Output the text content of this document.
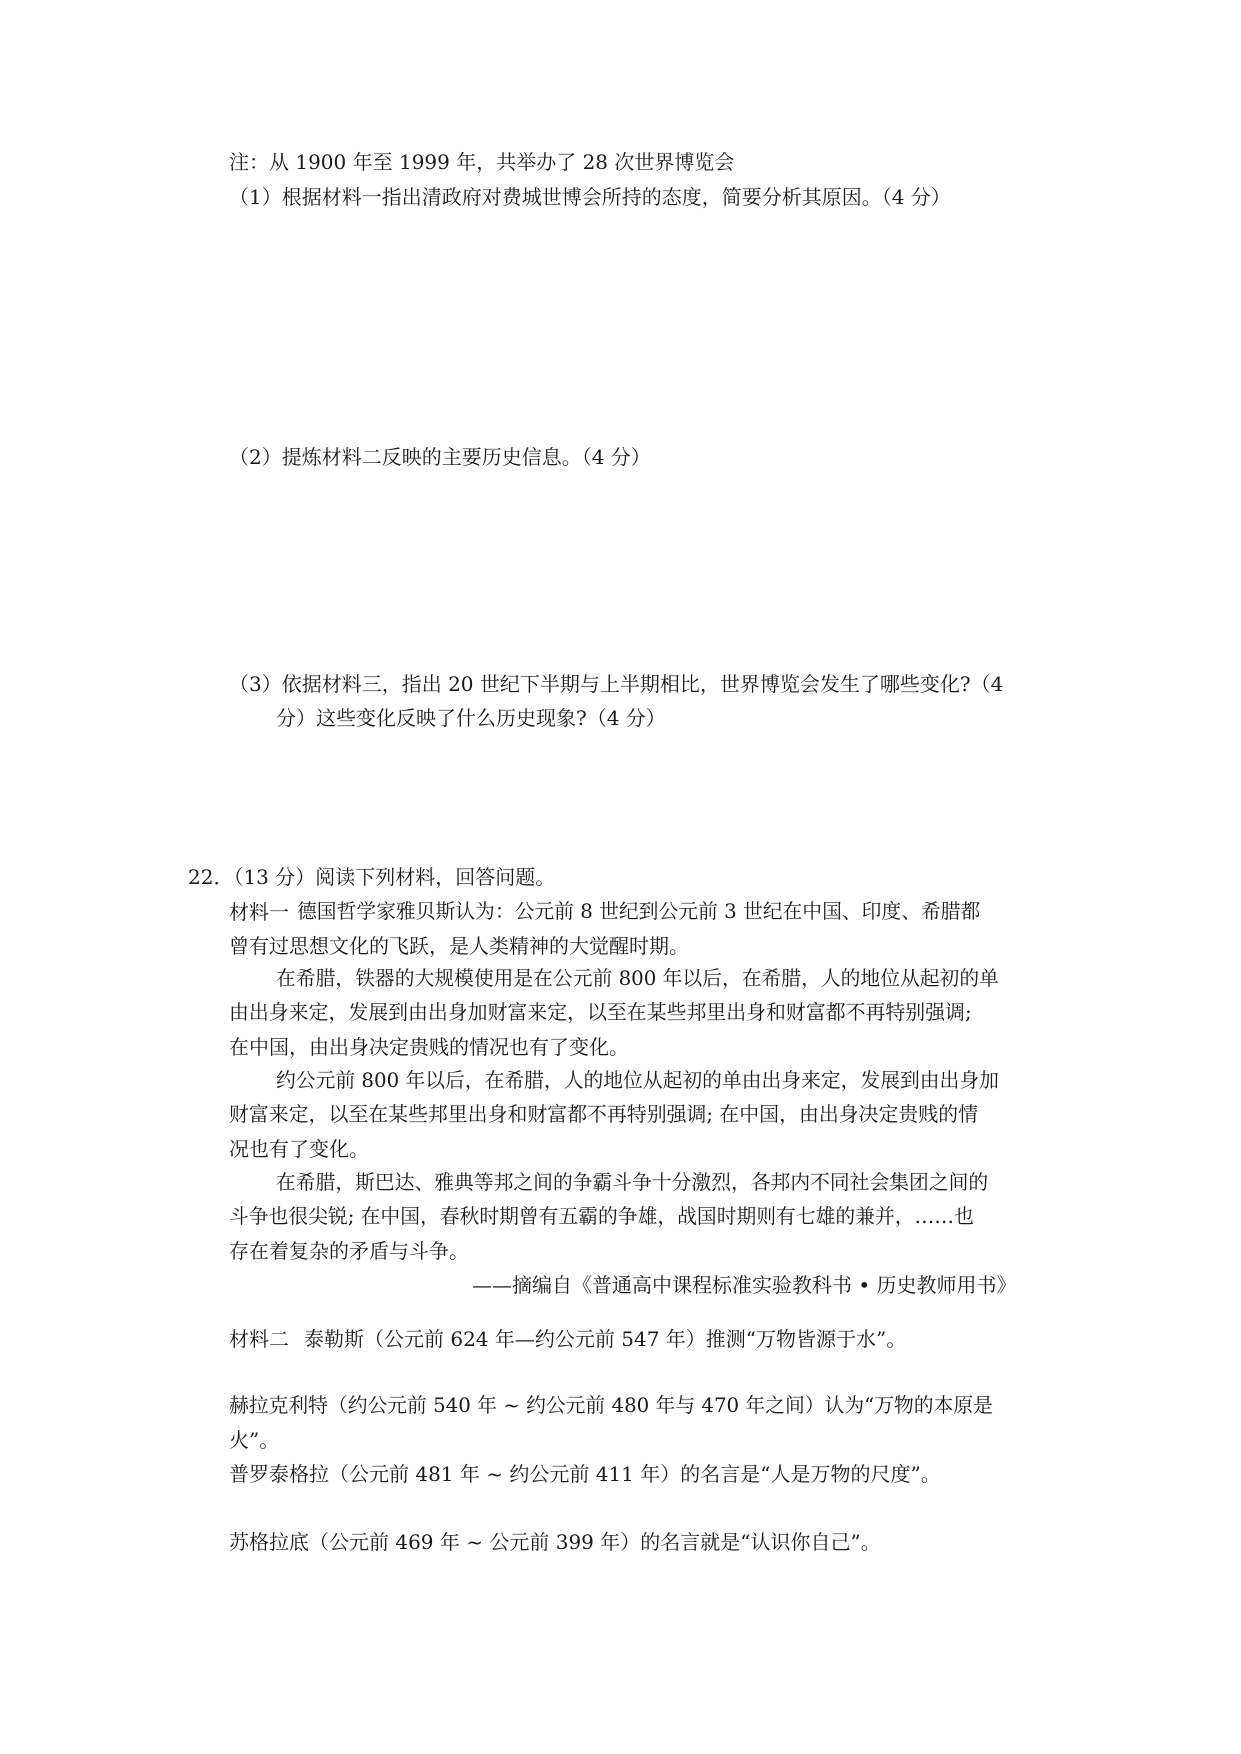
注：从 1900 年至 1999 年，共举办了 28 次世界博览会
（1）根据材料一指出清政府对费城世博会所持的态度，简要分析其原因。（4 分）
（2）提炼材料二反映的主要历史信息。（4 分）
（3）依据材料三，指出 20 世纪下半期与上半期相比，世界博览会发生了哪些变化?（4
分）这些变化反映了什么历史现象?（4 分）
22．（13 分）阅读下列材料，回答问题。
材料一 德国哲学家雅贝斯认为：公元前 8 世纪到公元前 3 世纪在中国、印度、希腊都
曾有过思想文化的飞跃，是人类精神的大觉醒时期。
在希腊，铁器的大规模使用是在公元前 800 年以后，在希腊，人的地位从起初的单
由出身来定，发展到由出身加财富来定，以至在某些邦里出身和财富都不再特别强调;
在中国，由出身决定贵贱的情况也有了变化。
约公元前 800 年以后，在希腊，人的地位从起初的单由出身来定，发展到由出身加
财富来定，以至在某些邦里出身和财富都不再特别强调; 在中国，由出身决定贵贱的情
况也有了变化。
在希腊，斯巴达、雅典等邦之间的争霸斗争十分激烈，各邦内不同社会集团之间的
斗争也很尖锐; 在中国，春秋时期曾有五霸的争雄，战国时期则有七雄的兼并，……也
存在着复杂的矛盾与斗争。
——摘编自《普通高中课程标准实验教科书 • 历史教师用书》
材料二 泰勒斯（公元前 624 年—约公元前 547 年）推测“万物皆源于水”。
赫拉克利特（约公元前 540 年 ~ 约公元前 480 年与 470 年之间）认为“万物的本原是
火”。
普罗泰格拉（公元前 481 年 ~ 约公元前 411 年）的名言是“人是万物的尺度”。
苏格拉底（公元前 469 年 ~ 公元前 399 年）的名言就是“认识你自己”。
